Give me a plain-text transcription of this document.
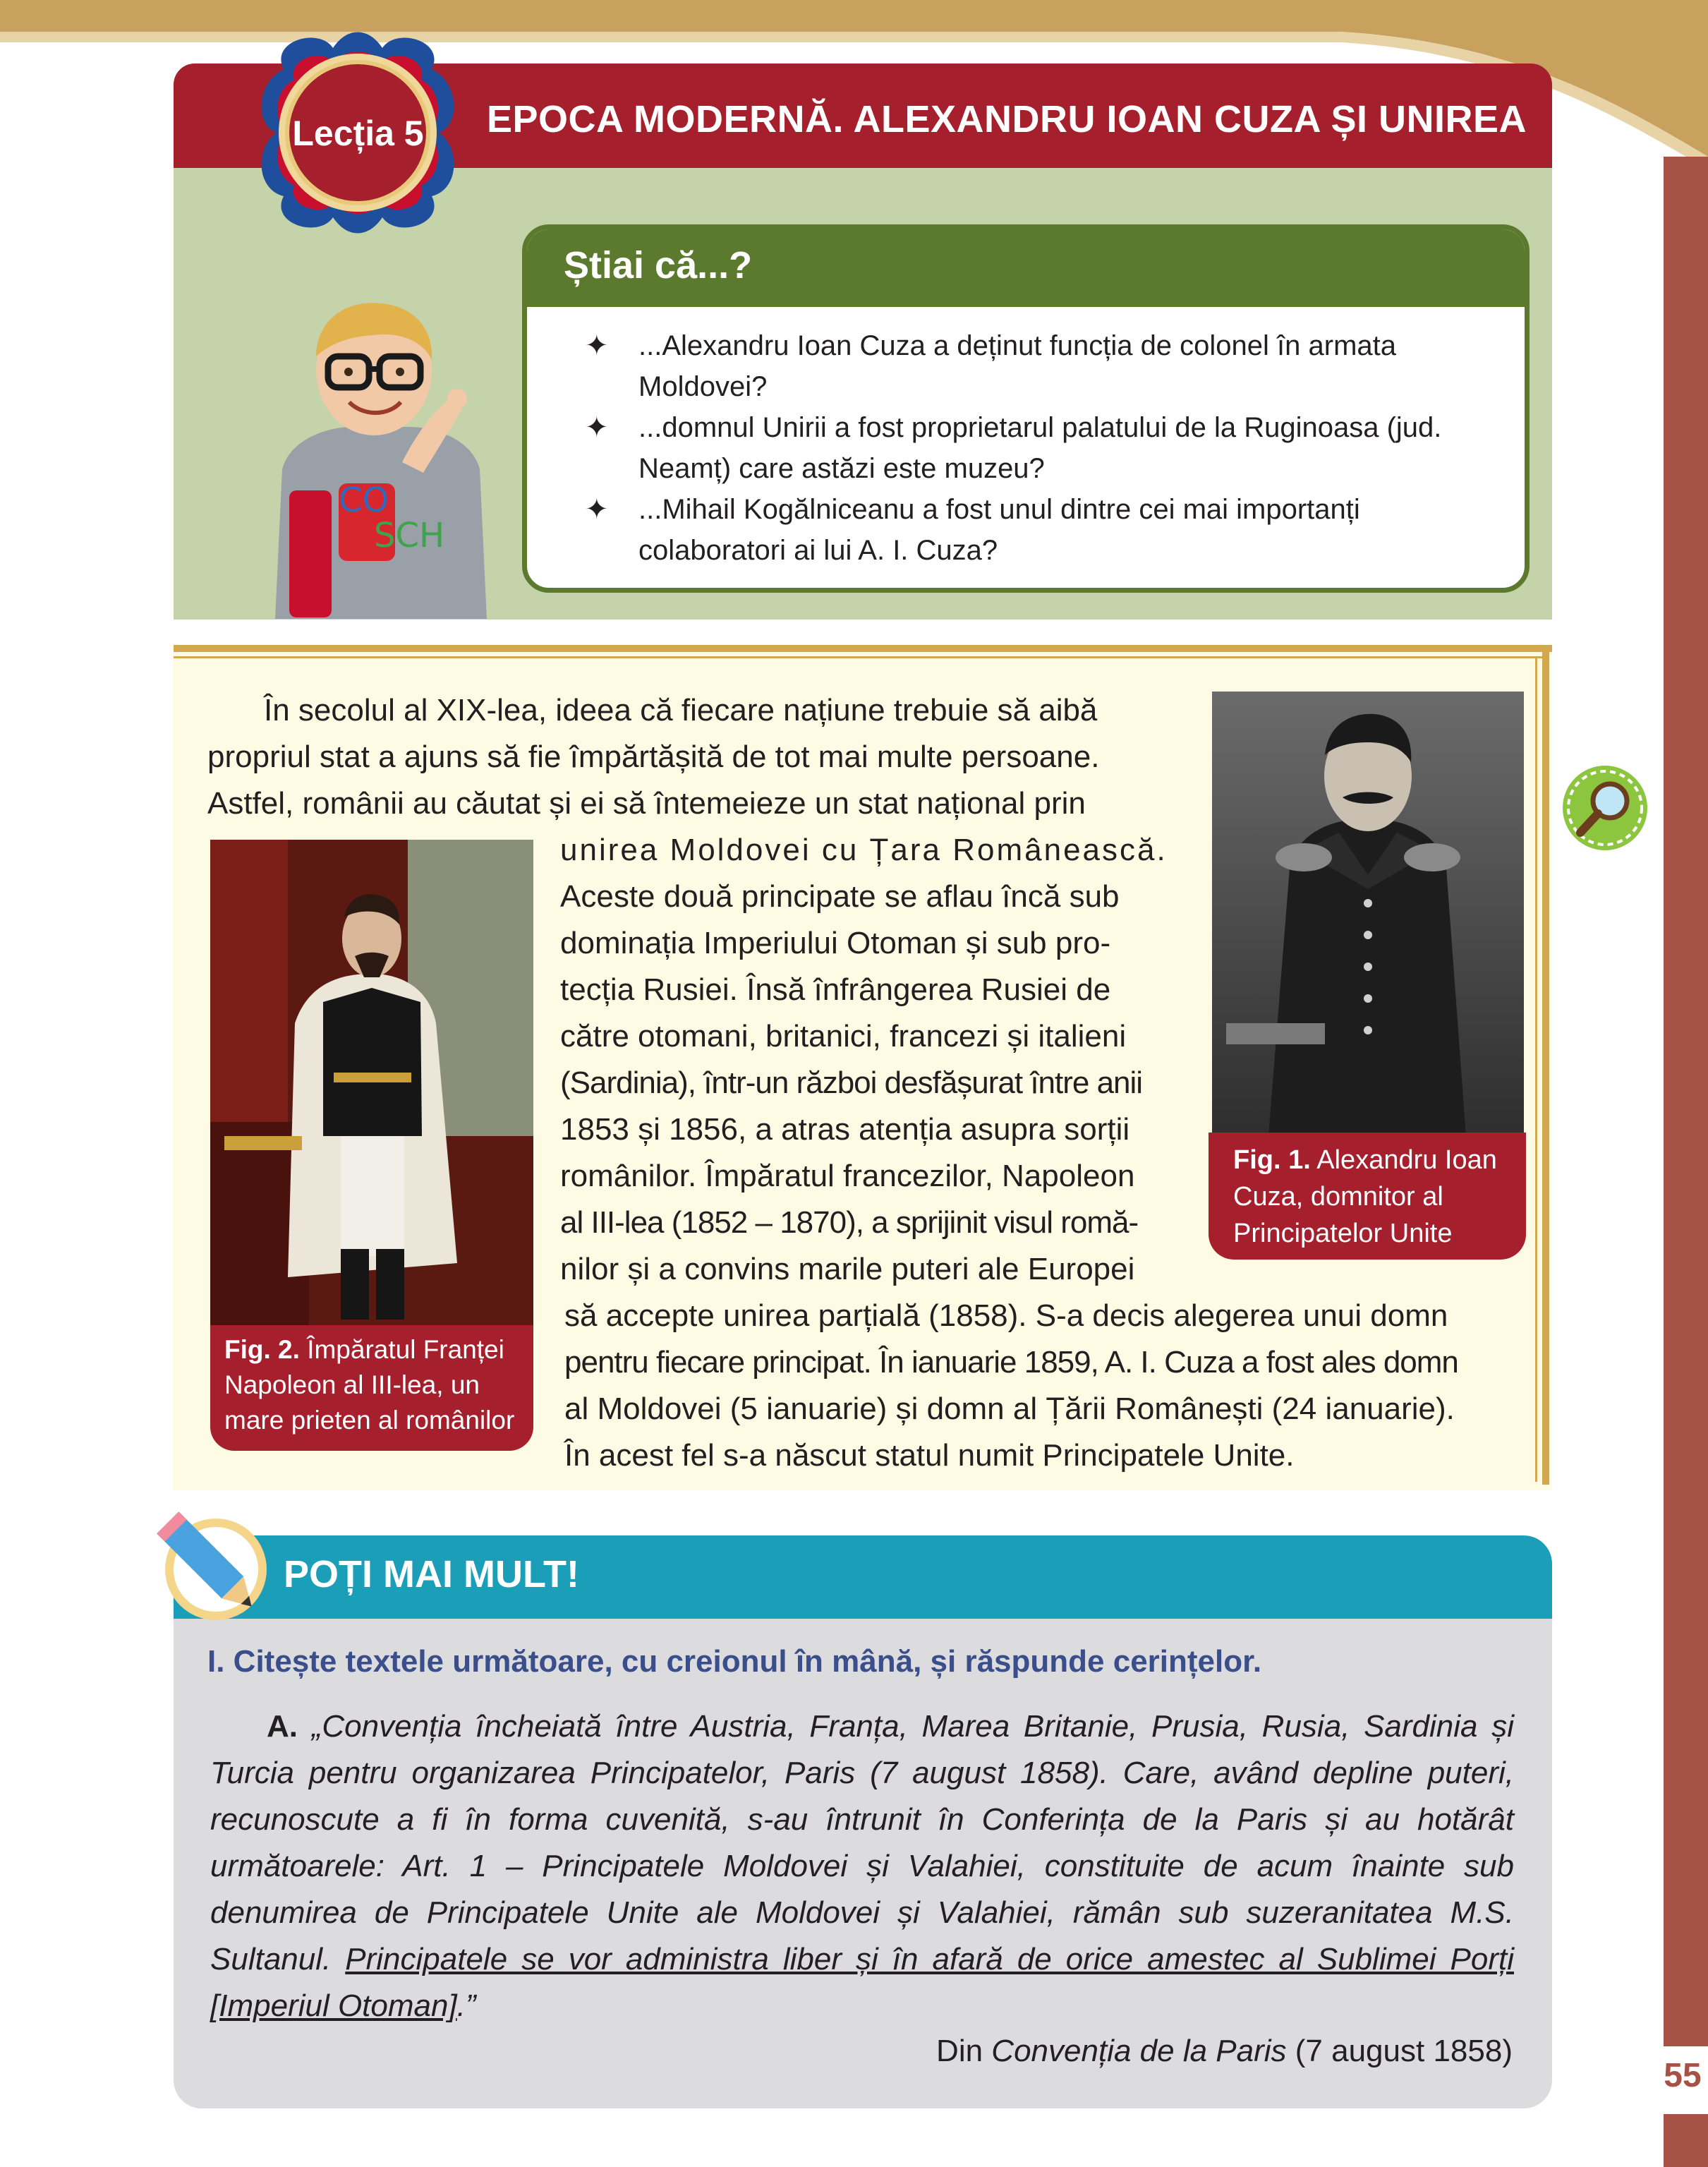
55
EPOCA MODERNĂ. ALEXANDRU IOAN CUZA ȘI UNIREA
Lecția 5
CO
SCH
Știai că...?
✦ ...Alexandru Ioan Cuza a deținut funcția de colonel în armata Moldovei?
✦ ...domnul Unirii a fost proprietarul palatului de la Ruginoasa (jud. Neamț) care astăzi este muzeu?
✦ ...Mihail Kogălniceanu a fost unul dintre cei mai importanți colaboratori ai lui A. I. Cuza?
Fig. 1. Alexandru Ioan Cuza, domnitor al Principatelor Unite
Fig. 2. Împăratul Franței Napoleon al III-lea, un mare prieten al românilor
În secolul al XIX-lea, ideea că fiecare națiune trebuie să aibă
propriul stat a ajuns să fie împărtășită de tot mai multe persoane.
Astfel, românii au căutat și ei să întemeieze un stat național prin
unirea Moldovei cu Țara Românească.
Aceste două principate se aflau încă sub
dominația Imperiului Otoman și sub pro-
tecția Rusiei. Însă înfrângerea Rusiei de
către otomani, britanici, francezi și italieni
(Sardinia), într-un război desfășurat între anii
1853 și 1856, a atras atenția asupra sorții
românilor. Împăratul francezilor, Napoleon
al III-lea (1852 – 1870), a sprijinit visul romă-
nilor și a convins marile puteri ale Europei
să accepte unirea parțială (1858). S-a decis alegerea unui domn
pentru fiecare principat. În ianuarie 1859, A. I. Cuza a fost ales domn
al Moldovei (5 ianuarie) și domn al Țării Românești (24 ianuarie).
În acest fel s-a născut statul numit Principatele Unite.
POȚI MAI MULT!
I. Citește textele următoare, cu creionul în mână, și răspunde cerințelor.
A. „Convenția încheiată între Austria, Franța, Marea Britanie, Prusia, Rusia, Sardinia și Turcia pentru organizarea Principatelor, Paris (7 august 1858). Care, având depline puteri, recunoscute a fi în forma cuvenită, s-au întrunit în Conferința de la Paris și au hotărât următoarele: Art. 1 – Principatele Moldovei și Valahiei, constituite de acum înainte sub denumirea de Principatele Unite ale Moldovei și Valahiei, rămân sub suzeranitatea M.S. Sultanul. Principatele se vor administra liber și în afară de orice amestec al Sublimei Porți [Imperiul Otoman].”
Din Convenția de la Paris (7 august 1858)
